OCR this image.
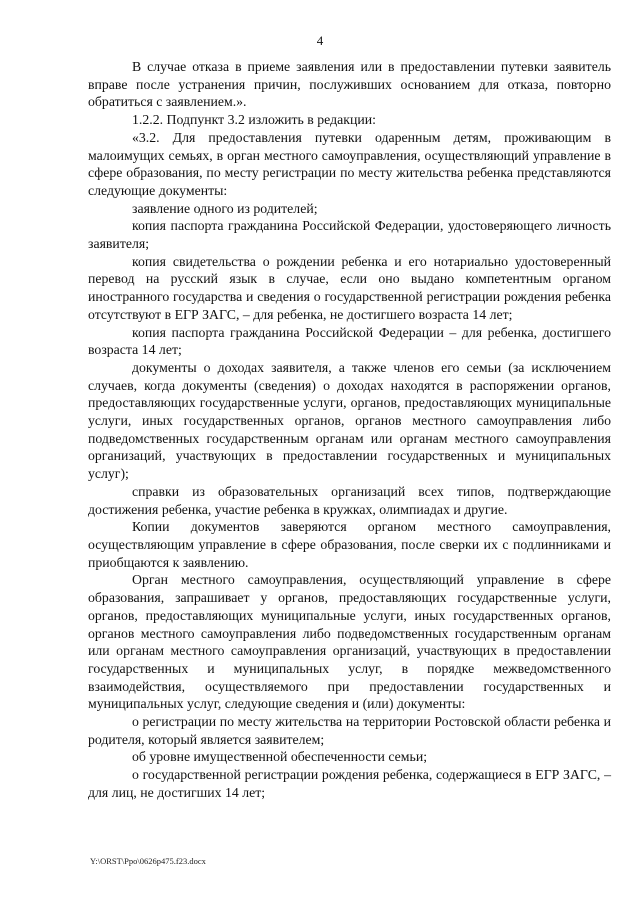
4

В случае отказа в приеме заявления или в предоставлении путевки заявитель вправе после устранения причин, послуживших основанием для отказа, повторно обратиться с заявлением.».

1.2.2. Подпункт 3.2 изложить в редакции:

«3.2. Для предоставления путевки одаренным детям, проживающим в малоимущих семьях, в орган местного самоуправления, осуществляющий управление в сфере образования, по месту регистрации по месту жительства ребенка представляются следующие документы:

заявление одного из родителей;

копия паспорта гражданина Российской Федерации, удостоверяющего личность заявителя;

копия свидетельства о рождении ребенка и его нотариально удостоверенный перевод на русский язык в случае, если оно выдано компетентным органом иностранного государства и сведения о государственной регистрации рождения ребенка отсутствуют в ЕГР ЗАГС, – для ребенка, не достигшего возраста 14 лет;

копия паспорта гражданина Российской Федерации – для ребенка, достигшего возраста 14 лет;

документы о доходах заявителя, а также членов его семьи (за исключением случаев, когда документы (сведения) о доходах находятся в распоряжении органов, предоставляющих государственные услуги, органов, предоставляющих муниципальные услуги, иных государственных органов, органов местного самоуправления либо подведомственных государственным органам или органам местного самоуправления организаций, участвующих в предоставлении государственных и муниципальных услуг);

справки из образовательных организаций всех типов, подтверждающие достижения ребенка, участие ребенка в кружках, олимпиадах и другие.

Копии документов заверяются органом местного самоуправления, осуществляющим управление в сфере образования, после сверки их с подлинниками и приобщаются к заявлению.

Орган местного самоуправления, осуществляющий управление в сфере образования, запрашивает у органов, предоставляющих государственные услуги, органов, предоставляющих муниципальные услуги, иных государственных органов, органов местного самоуправления либо подведомственных государственным органам или органам местного самоуправления организаций, участвующих в предоставлении государственных и муниципальных услуг, в порядке межведомственного взаимодействия, осуществляемого при предоставлении государственных и муниципальных услуг, следующие сведения и (или) документы:

о регистрации по месту жительства на территории Ростовской области ребенка и родителя, который является заявителем;

об уровне имущественной обеспеченности семьи;

о государственной регистрации рождения ребенка, содержащиеся в ЕГР ЗАГС, – для лиц, не достигших 14 лет;

Y:\ORST\Ppo\0626p475.f23.docx
